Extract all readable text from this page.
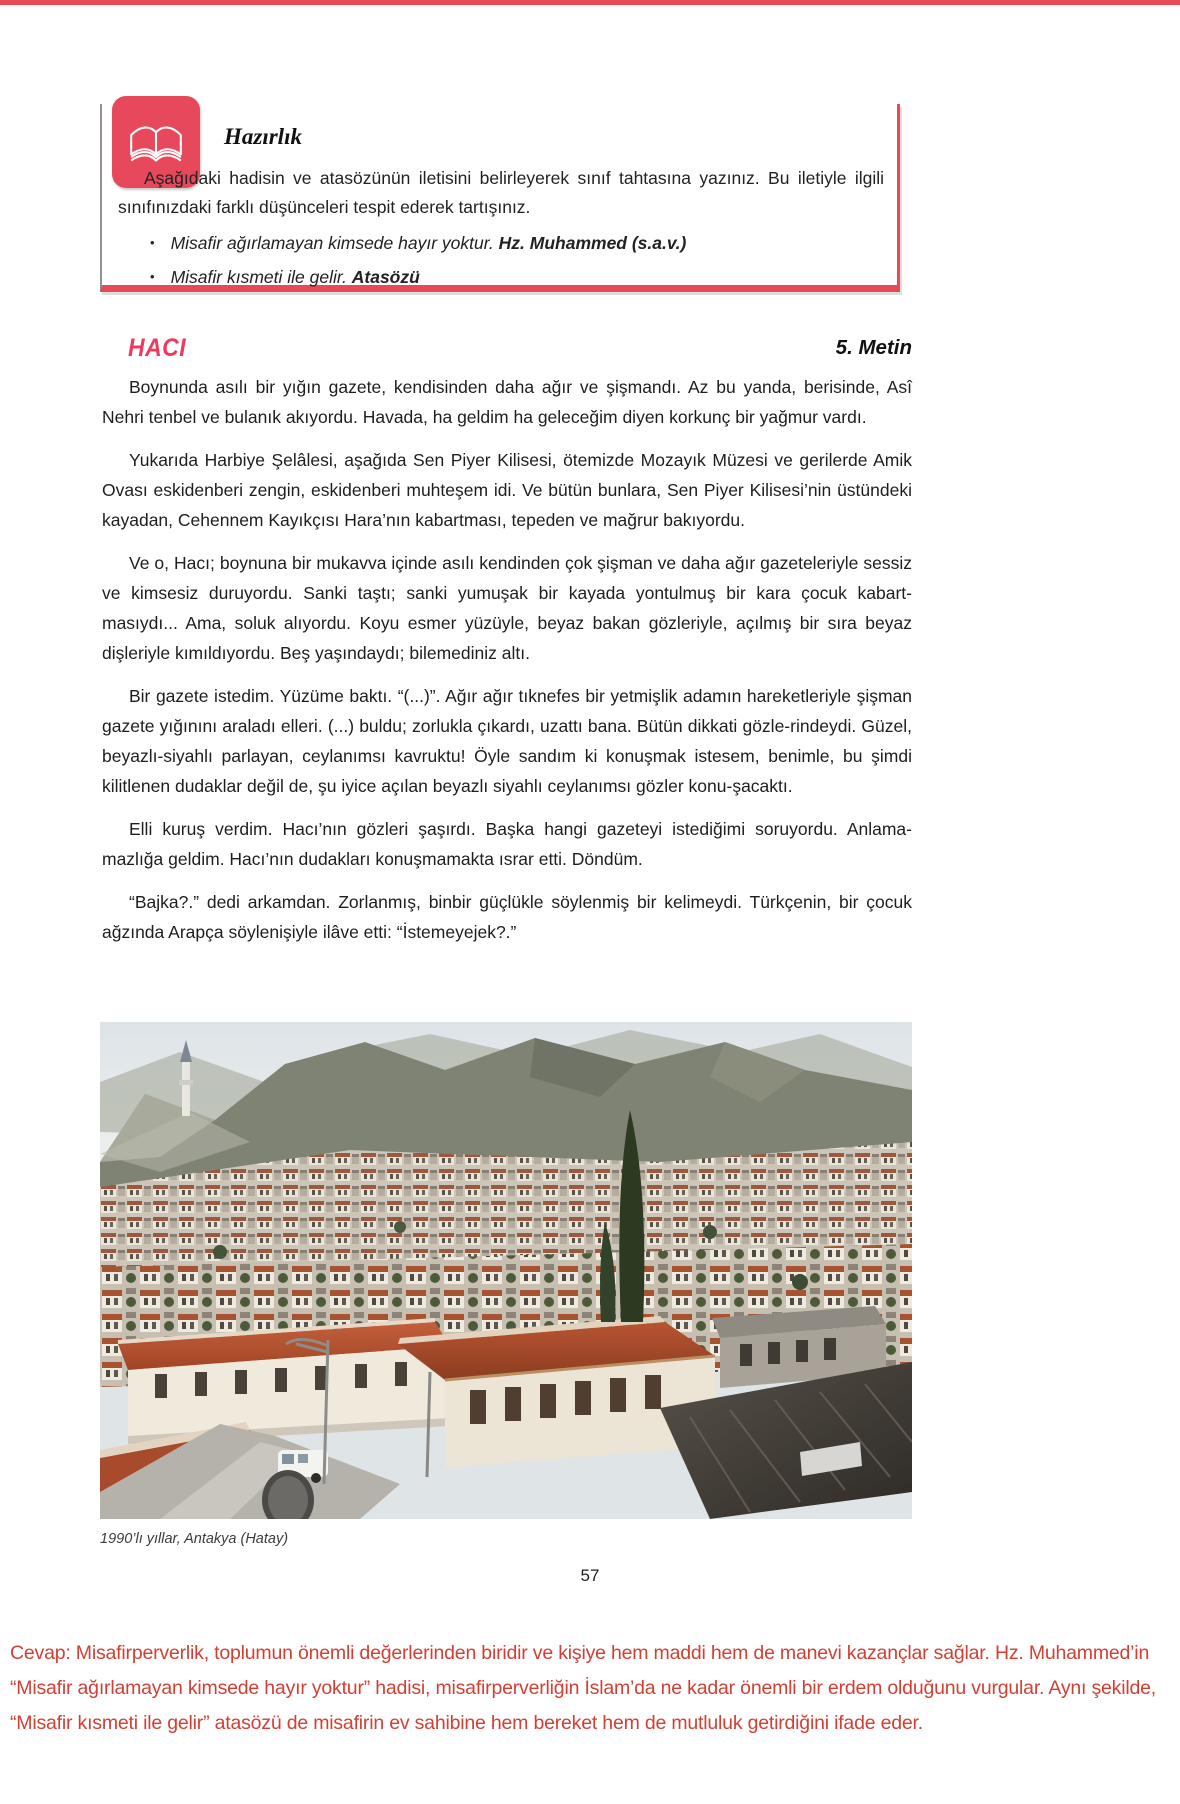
Hazırlık
Aşağıdaki hadisin ve atasözünün iletisini belirleyerek sınıf tahtasına yazınız. Bu iletiyle ilgili sınıfınızdaki farklı düşünceleri tespit ederek tartışınız.
• Misafir ağırlamayan kimsede hayır yoktur. Hz. Muhammed (s.a.v.)
• Misafir kısmeti ile gelir. Atasözü
HACI	5. Metin

Boynunda asılı bir yığın gazete, kendisinden daha ağır ve şişmandı. Az bu yanda, berisinde, Asî Nehri tenbel ve bulanık akıyordu. Havada, ha geldim ha geleceğim diyen korkunç bir yağmur vardı.

Yukarıda Harbiye Şelâlesi, aşağıda Sen Piyer Kilisesi, ötemizde Mozayık Müzesi ve gerilerde Amik Ovası eskidenberi zengin, eskidenberi muhteşem idi. Ve bütün bunlara, Sen Piyer Kilisesi’nin üstündeki kayadan, Cehennem Kayıkçısı Hara’nın kabartması, tepeden ve mağrur bakıyordu.

Ve o, Hacı; boynuna bir mukavva içinde asılı kendinden çok şişman ve daha ağır gazeteleriyle sessiz ve kimsesiz duruyordu. Sanki taştı; sanki yumuşak bir kayada yontulmuş bir kara çocuk kabart-masıydı... Ama, soluk alıyordu. Koyu esmer yüzüyle, beyaz bakan gözleriyle, açılmış bir sıra beyaz dişleriyle kımıldıyordu. Beş yaşındaydı; bilemediniz altı.

Bir gazete istedim. Yüzüme baktı. “(...)”. Ağır ağır tıknefes bir yetmişlik adamın hareketleriyle şişman gazete yığınını araladı elleri. (...) buldu; zorlukla çıkardı, uzattı bana. Bütün dikkati gözle-rindeydi. Güzel, beyazlı-siyahlı parlayan, ceylanımsı kavruktu! Öyle sandım ki konuşmak istesem, benimle, bu şimdi kilitlenen dudaklar değil de, şu iyice açılan beyazlı siyahlı ceylanımsı gözler konu-şacaktı.

Elli kuruş verdim. Hacı’nın gözleri şaşırdı. Başka hangi gazeteyi istediğimi soruyordu. Anlama-mazlığa geldim. Hacı’nın dudakları konuşmamakta ısrar etti. Döndüm.

“Bajka?.” dedi arkamdan. Zorlanmış, binbir güçlükle söylenmiş bir kelimeydi. Türkçenin, bir çocuk ağzında Arapça söylenişiyle ilâve etti: “İstemeyejek?.”

1990’lı yıllar, Antakya (Hatay)
57
Cevap: Misafirperverlik, toplumun önemli değerlerinden biridir ve kişiye hem maddi hem de manevi kazançlar sağlar. Hz. Muhammed’in “Misafir ağırlamayan kimsede hayır yoktur” hadisi, misafirperverliğin İslam’da ne kadar önemli bir erdem olduğunu vurgular. Aynı şekilde, “Misafir kısmeti ile gelir” atasözü de misafirin ev sahibine hem bereket hem de mutluluk getirdiğini ifade eder.
